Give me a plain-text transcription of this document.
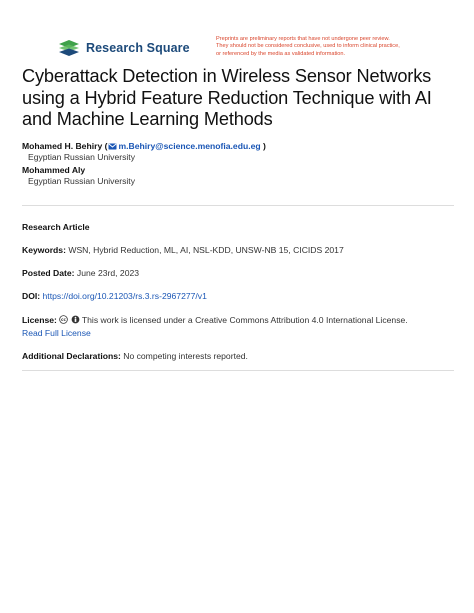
Research Square
Preprints are preliminary reports that have not undergone peer review.
They should not be considered conclusive, used to inform clinical practice,
or referenced by the media as validated information.
Cyberattack Detection in Wireless Sensor Networks
using a Hybrid Feature Reduction Technique with AI
and Machine Learning Methods
Mohamed H. Behiry ( m.Behiry@science.menofia.edu.eg )
Egyptian Russian University
Mohammed Aly
Egyptian Russian University
Research Article
Keywords: WSN, Hybrid Reduction, ML, AI, NSL-KDD, UNSW-NB 15, CICIDS 2017
Posted Date: June 23rd, 2023
DOI: https://doi.org/10.21203/rs.3.rs-2967277/v1
License: cc This work is licensed under a Creative Commons Attribution 4.0 International License.
Read Full License
Additional Declarations: No competing interests reported.
